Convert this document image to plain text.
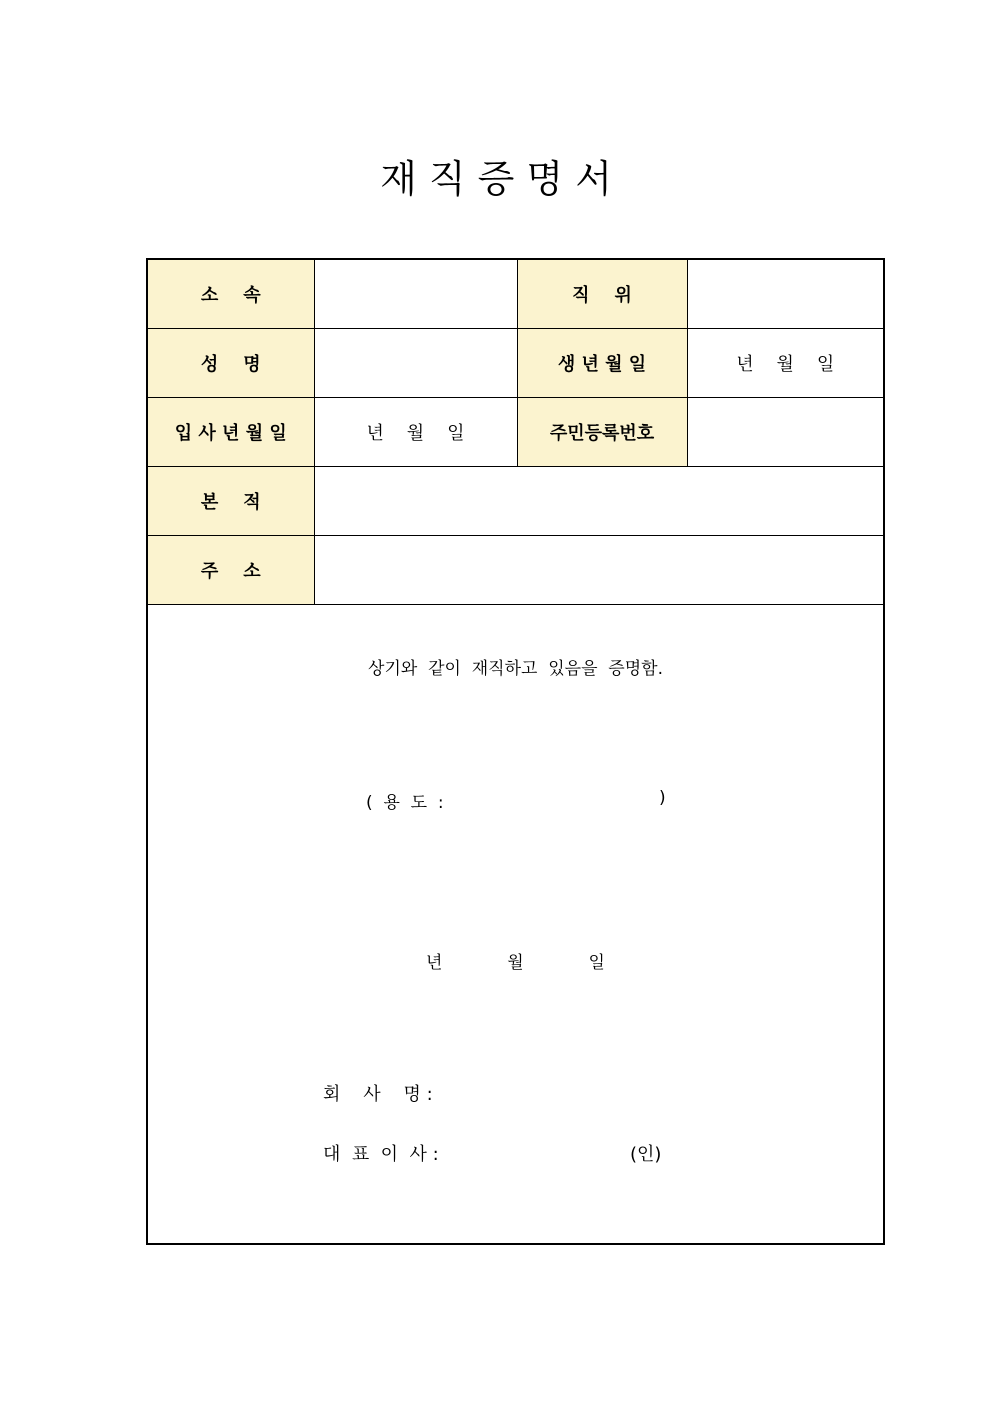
재 직 증 명 서
소    속		직    위	
성    명		생 년 월 일	년    월    일
입 사 년 월 일	년    월    일	주민등록번호	
본    적			
주    소			
상기와  같이  재직하고  있음을  증명함.
(  용  도  :	)
년            월            일
회    사    명 :
대  표  이  사 :	(인)
